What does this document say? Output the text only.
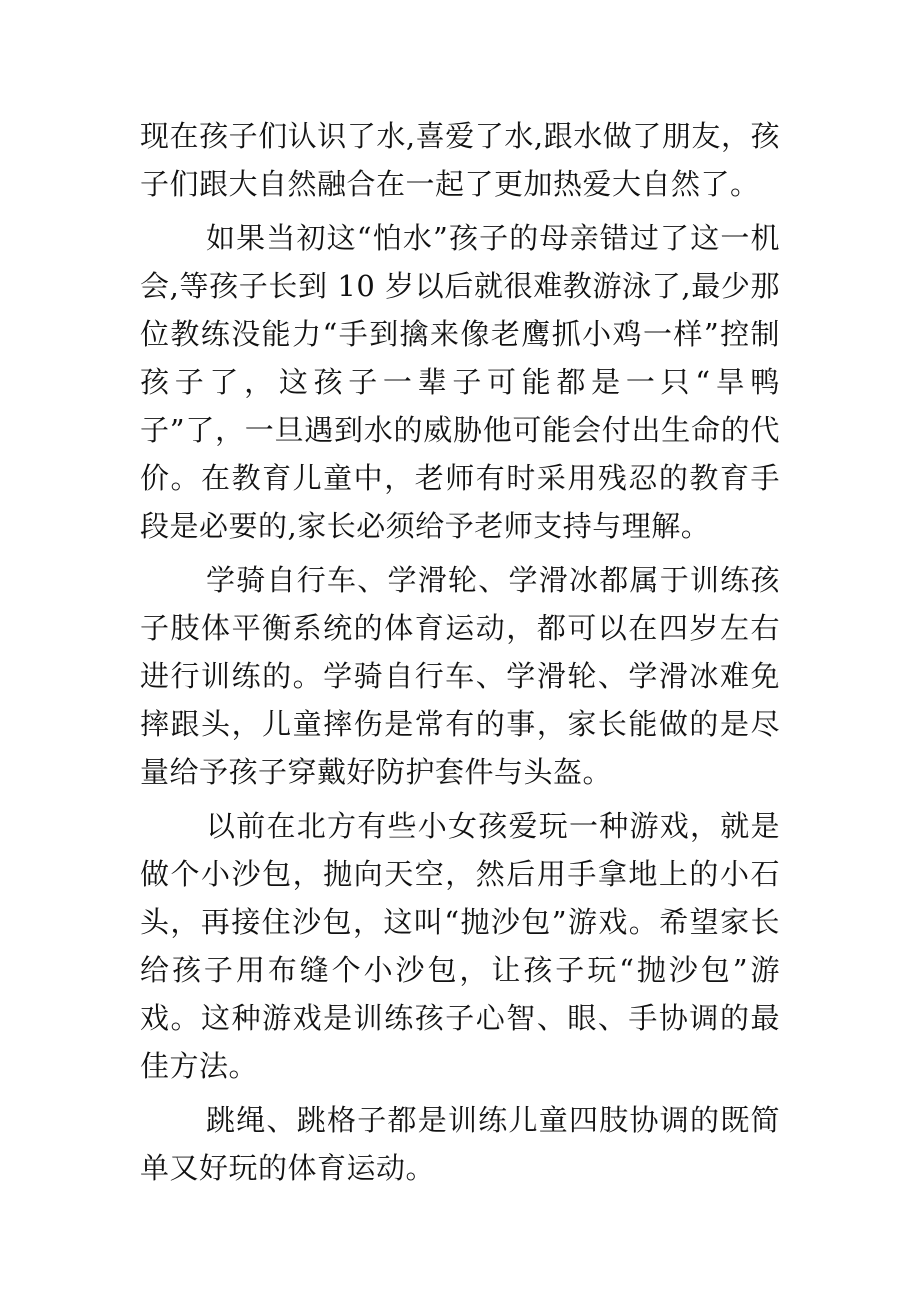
现在孩子们认识了水,喜爱了水,跟水做了朋友，孩子们跟大自然融合在一起了更加热爱大自然了。

如果当初这“怕水”孩子的母亲错过了这一机会,等孩子长到 10 岁以后就很难教游泳了,最少那位教练没能力“手到擒来像老鹰抓小鸡一样”控制孩子了，这孩子一辈子可能都是一只“旱鸭子”了，一旦遇到水的威胁他可能会付出生命的代价。在教育儿童中，老师有时采用残忍的教育手段是必要的,家长必须给予老师支持与理解。

学骑自行车、学滑轮、学滑冰都属于训练孩子肢体平衡系统的体育运动，都可以在四岁左右进行训练的。学骑自行车、学滑轮、学滑冰难免摔跟头，儿童摔伤是常有的事，家长能做的是尽量给予孩子穿戴好防护套件与头盔。

以前在北方有些小女孩爱玩一种游戏，就是做个小沙包，抛向天空，然后用手拿地上的小石头，再接住沙包，这叫“抛沙包”游戏。希望家长给孩子用布缝个小沙包，让孩子玩“抛沙包”游戏。这种游戏是训练孩子心智、眼、手协调的最佳方法。

跳绳、跳格子都是训练儿童四肢协调的既简单又好玩的体育运动。
